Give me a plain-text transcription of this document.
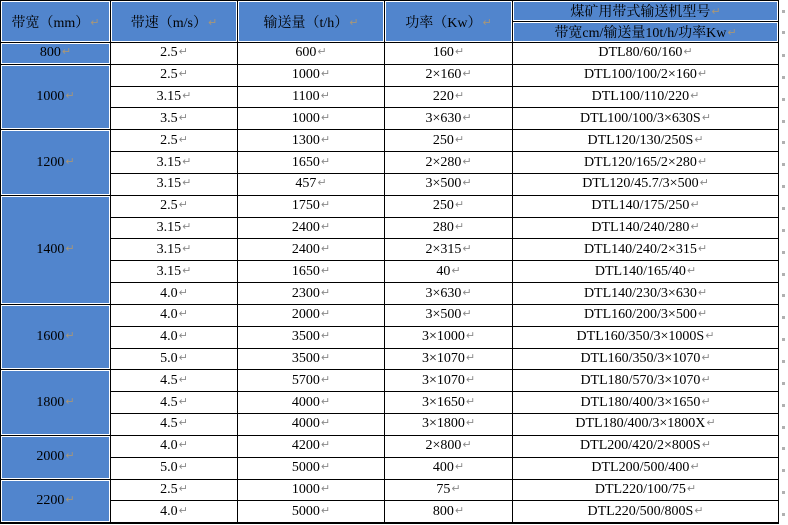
带宽（mm）↵	带速（m/s）↵	输送量（t/h）↵	功率（Kw）↵	煤矿用带式输送机型号↵
				带宽cm/输送量10t/h/功率Kw↵
800↵	2.5↵	600↵	160↵	DTL80/60/160↵
1000↵	2.5↵	1000↵	2×160↵	DTL100/100/2×160↵
	3.15↵	1100↵	220↵	DTL100/110/220↵
	3.5↵	1000↵	3×630↵	DTL100/100/3×630S↵
1200↵	2.5↵	1300↵	250↵	DTL120/130/250S↵
	3.15↵	1650↵	2×280↵	DTL120/165/2×280↵
	3.15↵	457↵	3×500↵	DTL120/45.7/3×500↵
1400↵	2.5↵	1750↵	250↵	DTL140/175/250↵
	3.15↵	2400↵	280↵	DTL140/240/280↵
	3.15↵	2400↵	2×315↵	DTL140/240/2×315↵
	3.15↵	1650↵	40↵	DTL140/165/40↵
	4.0↵	2300↵	3×630↵	DTL140/230/3×630↵
1600↵	4.0↵	2000↵	3×500↵	DTL160/200/3×500↵
	4.0↵	3500↵	3×1000↵	DTL160/350/3×1000S↵
	5.0↵	3500↵	3×1070↵	DTL160/350/3×1070↵
1800↵	4.5↵	5700↵	3×1070↵	DTL180/570/3×1070↵
	4.5↵	4000↵	3×1650↵	DTL180/400/3×1650↵
	4.5↵	4000↵	3×1800↵	DTL180/400/3×1800X↵
2000↵	4.0↵	4200↵	2×800↵	DTL200/420/2×800S↵
	5.0↵	5000↵	400↵	DTL200/500/400↵
2200↵	2.5↵	1000↵	75↵	DTL220/100/75↵
	4.0↵	5000↵	800↵	DTL220/500/800S↵
